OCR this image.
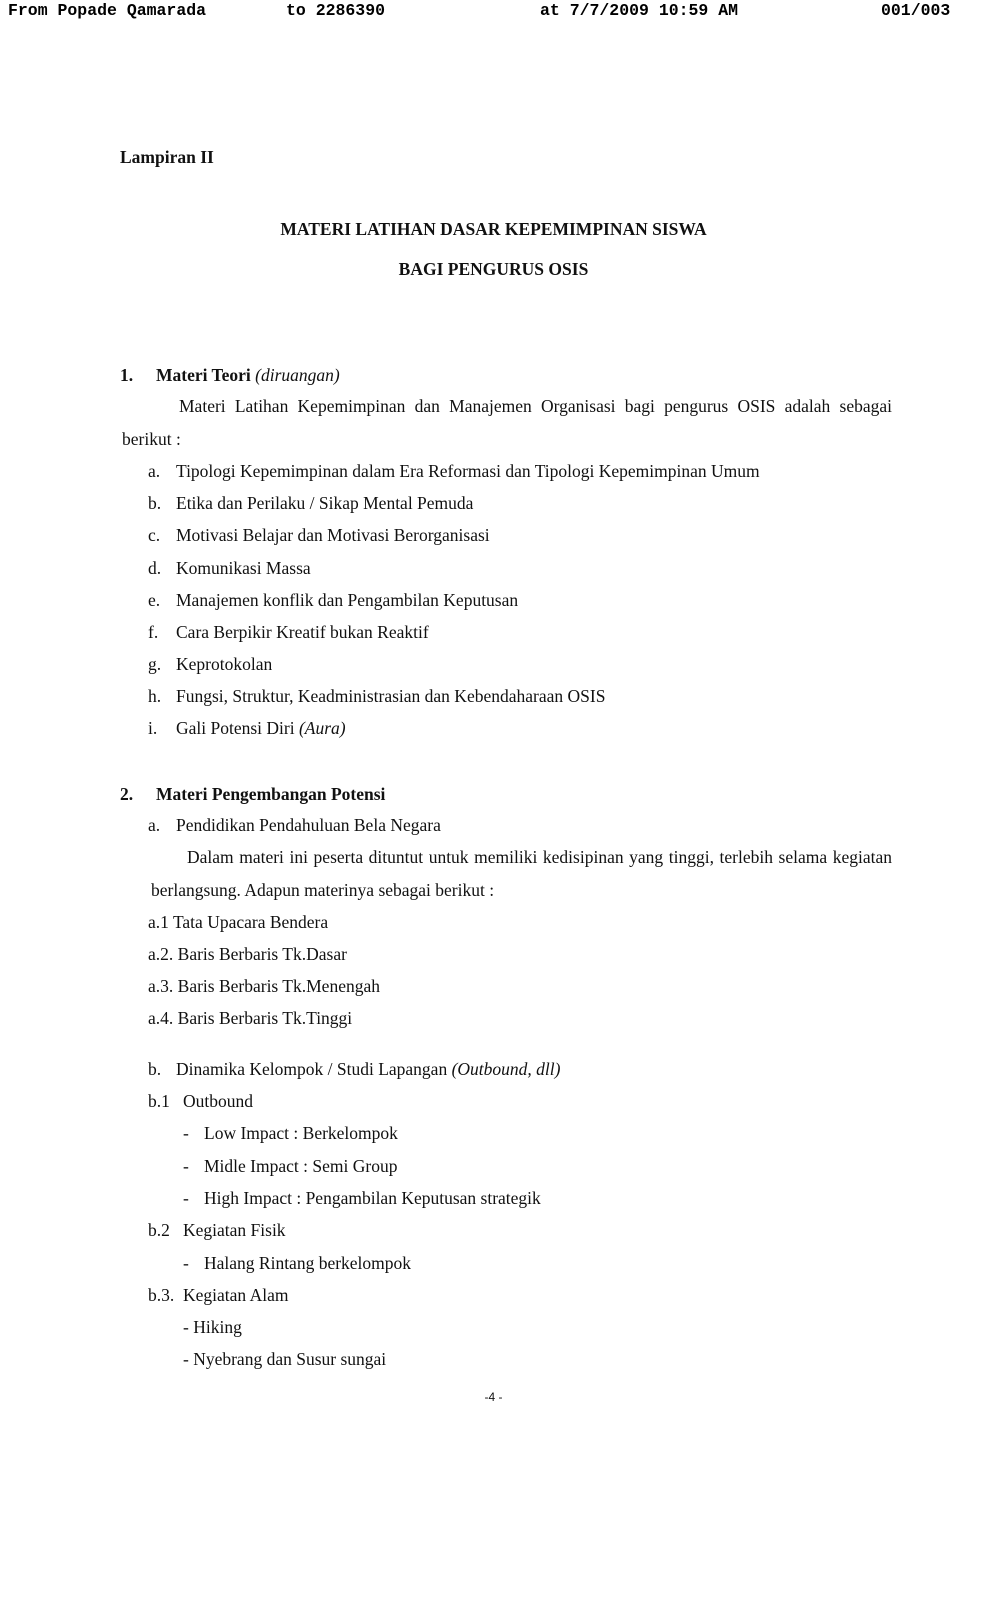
From Popade Qamarada	to 2286390	at 7/7/2009 10:59 AM	001/003
Lampiran II
MATERI LATIHAN DASAR KEPEMIMPINAN SISWA
BAGI PENGURUS OSIS
1. Materi Teori (diruangan)
Materi Latihan Kepemimpinan dan Manajemen Organisasi bagi pengurus OSIS adalah sebagai berikut :
a. Tipologi Kepemimpinan dalam Era Reformasi dan Tipologi Kepemimpinan Umum
b. Etika dan Perilaku / Sikap Mental Pemuda
c. Motivasi Belajar dan Motivasi Berorganisasi
d. Komunikasi Massa
e. Manajemen konflik dan Pengambilan Keputusan
f. Cara Berpikir Kreatif bukan Reaktif
g. Keprotokolan
h. Fungsi, Struktur, Keadministrasian dan Kebendaharaan OSIS
i. Gali Potensi Diri (Aura)
2. Materi Pengembangan Potensi
a. Pendidikan Pendahuluan Bela Negara
Dalam materi ini peserta dituntut untuk memiliki kedisipinan yang tinggi, terlebih selama kegiatan berlangsung. Adapun materinya sebagai berikut :
a.1 Tata Upacara Bendera
a.2. Baris Berbaris Tk.Dasar
a.3. Baris Berbaris Tk.Menengah
a.4. Baris Berbaris Tk.Tinggi
b. Dinamika Kelompok / Studi Lapangan (Outbound, dll)
b.1 Outbound
- Low Impact : Berkelompok
- Midle Impact : Semi Group
- High Impact : Pengambilan Keputusan strategik
b.2 Kegiatan Fisik
- Halang Rintang berkelompok
b.3. Kegiatan Alam
- Hiking
- Nyebrang dan Susur sungai
-4 -
